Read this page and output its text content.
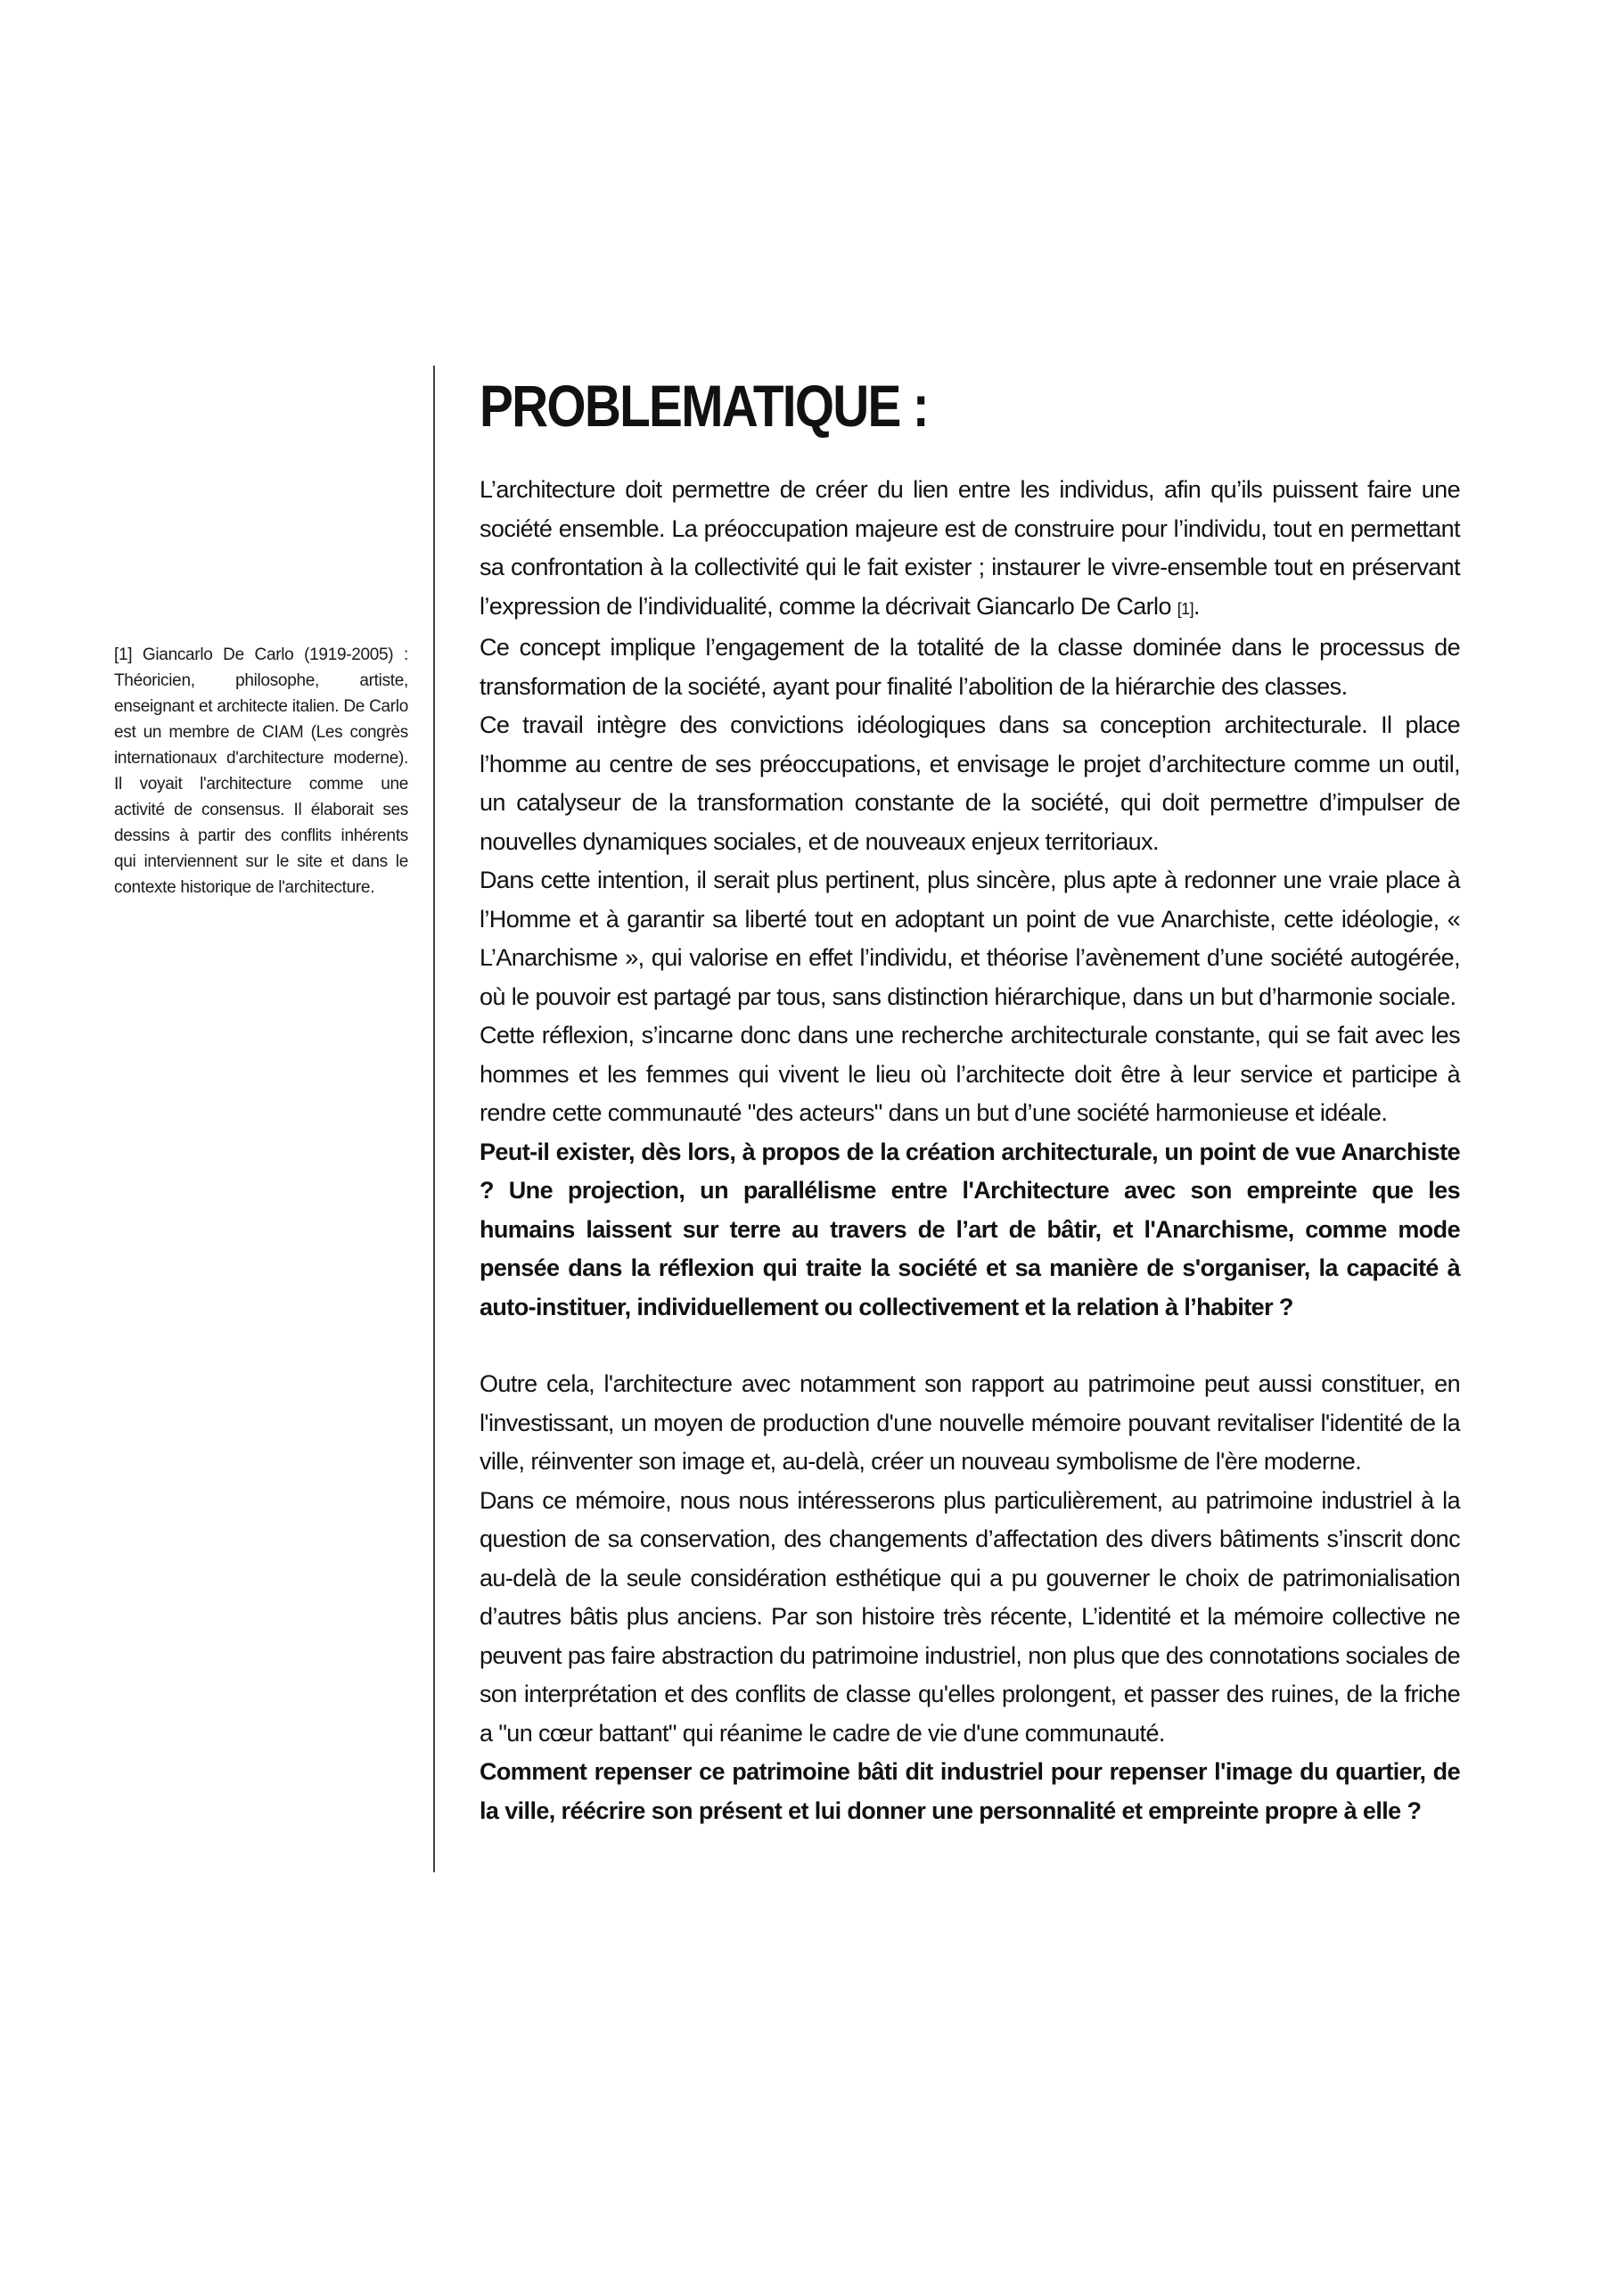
[1] Giancarlo De Carlo (1919-2005) : Théoricien, philosophe, artiste, enseignant et architecte italien. De Carlo est un membre de CIAM (Les congrès internationaux d'architecture moderne). Il voyait l'architecture comme une activité de consensus. Il élaborait ses dessins à partir des conflits inhérents qui interviennent sur le site et dans le contexte historique de l'architecture.
PROBLEMATIQUE :

L’architecture doit permettre de créer du lien entre les individus, afin qu’ils puissent faire une société ensemble. La préoccupation majeure est de construire pour l’individu, tout en permettant sa confrontation à la collectivité qui le fait exister ; instaurer le vivre-ensemble tout en préservant l’expression de l’individualité, comme la décrivait Giancarlo De Carlo [1].

Ce concept implique l’engagement de la totalité de la classe dominée dans le processus de transformation de la société, ayant pour finalité l’abolition de la hiérarchie des classes.

Ce travail intègre des convictions idéologiques dans sa conception architecturale. Il place l’homme au centre de ses préoccupations, et envisage le projet d’architecture comme un outil, un catalyseur de la transformation constante de la société, qui doit permettre d’impulser de nouvelles dynamiques sociales, et de nouveaux enjeux territoriaux.

Dans cette intention, il serait plus pertinent, plus sincère, plus apte à redonner une vraie place à l’Homme et à garantir sa liberté tout en adoptant un point de vue Anarchiste, cette idéologie, « L’Anarchisme », qui valorise en effet l’individu, et théorise l’avènement d’une société autogérée, où le pouvoir est partagé par tous, sans distinction hiérarchique, dans un but d’harmonie sociale.

Cette réflexion, s’incarne donc dans une recherche architecturale constante, qui se fait avec les hommes et les femmes qui vivent le lieu où l’architecte doit être à leur service et participe à rendre cette communauté "des acteurs" dans un but d’une société harmonieuse et idéale.

Peut-il exister, dès lors, à propos de la création architecturale, un point de vue Anarchiste ? Une projection, un parallélisme entre l'Architecture avec son empreinte que les humains laissent sur terre au travers de l’art de bâtir, et l'Anarchisme, comme mode pensée dans la réflexion qui traite la société et sa manière de s'organiser, la capacité à auto-instituer, individuellement ou collectivement et la relation à l’habiter ?

Outre cela, l'architecture avec notamment son rapport au patrimoine peut aussi constituer, en l'investissant, un moyen de production d'une nouvelle mémoire pouvant revitaliser l'identité de la ville, réinventer son image et, au-delà, créer un nouveau symbolisme de l'ère moderne.

Dans ce mémoire, nous nous intéresserons plus particulièrement, au patrimoine industriel à la question de sa conservation, des changements d’affectation des divers bâtiments s’inscrit donc au-delà de la seule considération esthétique qui a pu gouverner le choix de patrimonialisation d’autres bâtis plus anciens. Par son histoire très récente, L’identité et la mémoire collective ne peuvent pas faire abstraction du patrimoine industriel, non plus que des connotations sociales de son interprétation et des conflits de classe qu'elles prolongent, et passer des ruines, de la friche a "un cœur battant" qui réanime le cadre de vie d'une communauté.

Comment repenser ce patrimoine bâti dit industriel pour repenser l'image du quartier, de la ville, réécrire son présent et lui donner une personnalité et empreinte propre à elle ?
